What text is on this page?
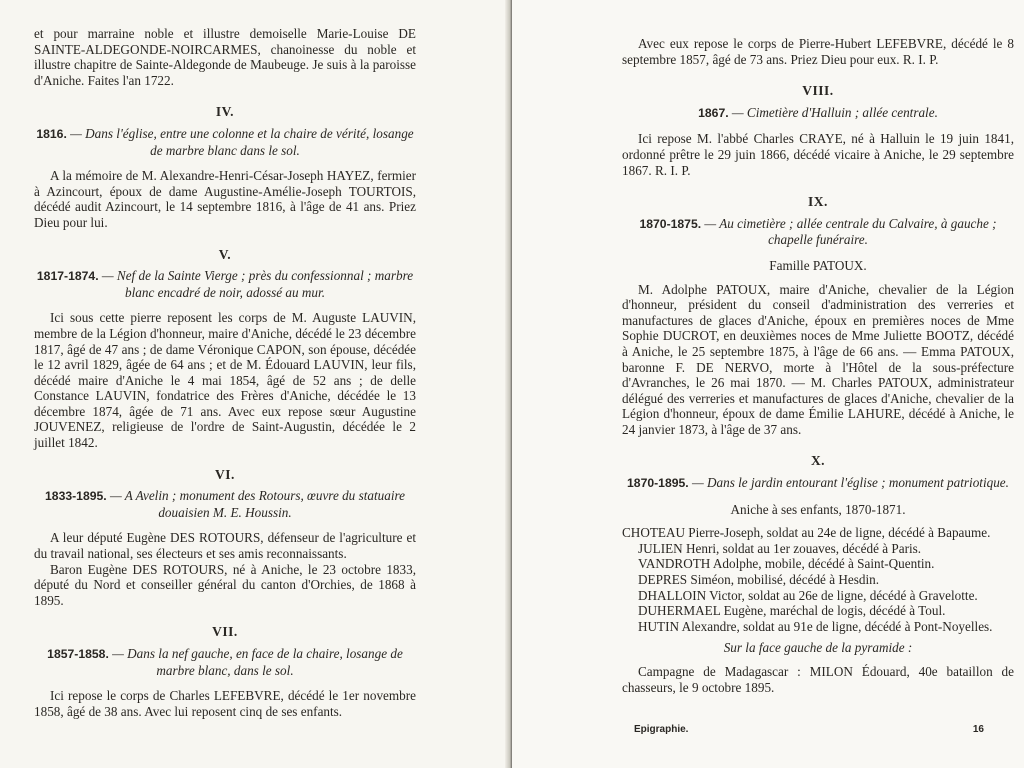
et pour marraine noble et illustre demoiselle Marie-Louise DE SAINTE-ALDEGONDE-NOIRCARMES, chanoinesse du noble et illustre chapitre de Sainte-Aldegonde de Maubeuge. Je suis à la paroisse d'Aniche. Faites l'an 1722.

IV.
1816. — Dans l'église, entre une colonne et la chaire de vérité, losange de marbre blanc dans le sol.

A la mémoire de M. Alexandre-Henri-César-Joseph HAYEZ, fermier à Azincourt, époux de dame Augustine-Amélie-Joseph TOURTOIS, décédé audit Azincourt, le 14 septembre 1816, à l'âge de 41 ans. Priez Dieu pour lui.

V.
1817-1874. — Nef de la Sainte Vierge ; près du confessionnal ; marbre blanc encadré de noir, adossé au mur.

Ici sous cette pierre reposent les corps de M. Auguste LAUVIN, membre de la Légion d'honneur, maire d'Aniche, décédé le 23 décembre 1817, âgé de 47 ans ; de dame Véronique CAPON, son épouse, décédée le 12 avril 1829, âgée de 64 ans ; et de M. Édouard LAUVIN, leur fils, décédé maire d'Aniche le 4 mai 1854, âgé de 52 ans ; de delle Constance LAUVIN, fondatrice des Frères d'Aniche, décédée le 13 décembre 1874, âgée de 71 ans. Avec eux repose sœur Augustine JOUVENEZ, religieuse de l'ordre de Saint-Augustin, décédée le 2 juillet 1842.

VI.
1833-1895. — A Avelin ; monument des Rotours, œuvre du statuaire douaisien M. E. Houssin.

A leur député Eugène DES ROTOURS, défenseur de l'agriculture et du travail national, ses électeurs et ses amis reconnaissants.

Baron Eugène DES ROTOURS, né à Aniche, le 23 octobre 1833, député du Nord et conseiller général du canton d'Orchies, de 1868 à 1895.

VII.
1857-1858. — Dans la nef gauche, en face de la chaire, losange de marbre blanc, dans le sol.

Ici repose le corps de Charles LEFEBVRE, décédé le 1er novembre 1858, âgé de 38 ans. Avec lui reposent cinq de ses enfants.

Avec eux repose le corps de Pierre-Hubert LEFEBVRE, décédé le 8 septembre 1857, âgé de 73 ans. Priez Dieu pour eux. R. I. P.

VIII.
1867. — Cimetière d'Halluin ; allée centrale.

Ici repose M. l'abbé Charles CRAYE, né à Halluin le 19 juin 1841, ordonné prêtre le 29 juin 1866, décédé vicaire à Aniche, le 29 septembre 1867. R. I. P.

IX.
1870-1875. — Au cimetière ; allée centrale du Calvaire, à gauche ; chapelle funéraire.
Famille PATOUX.

M. Adolphe PATOUX, maire d'Aniche, chevalier de la Légion d'honneur, président du conseil d'administration des verreries et manufactures de glaces d'Aniche, époux en premières noces de Mme Sophie DUCROT, en deuxièmes noces de Mme Juliette BOOTZ, décédé à Aniche, le 25 septembre 1875, à l'âge de 66 ans. — Emma PATOUX, baronne F. DE NERVO, morte à l'Hôtel de la sous-préfecture d'Avranches, le 26 mai 1870. — M. Charles PATOUX, administrateur délégué des verreries et manufactures de glaces d'Aniche, chevalier de la Légion d'honneur, époux de dame Émilie LAHURE, décédé à Aniche, le 24 janvier 1873, à l'âge de 37 ans.

X.
1870-1895. — Dans le jardin entourant l'église ; monument patriotique.
Aniche à ses enfants, 1870-1871.

CHOTEAU Pierre-Joseph, soldat au 24e de ligne, décédé à Bapaume.

JULIEN Henri, soldat au 1er zouaves, décédé à Paris.

VANDROTH Adolphe, mobile, décédé à Saint-Quentin.

DEPRES Siméon, mobilisé, décédé à Hesdin.

DHALLOIN Victor, soldat au 26e de ligne, décédé à Gravelotte.

DUHERMAEL Eugène, maréchal de logis, décédé à Toul.

HUTIN Alexandre, soldat au 91e de ligne, décédé à Pont-Noyelles.

Sur la face gauche de la pyramide :

Campagne de Madagascar : MILON Édouard, 40e bataillon de chasseurs, le 9 octobre 1895.

Epigraphie.	16
